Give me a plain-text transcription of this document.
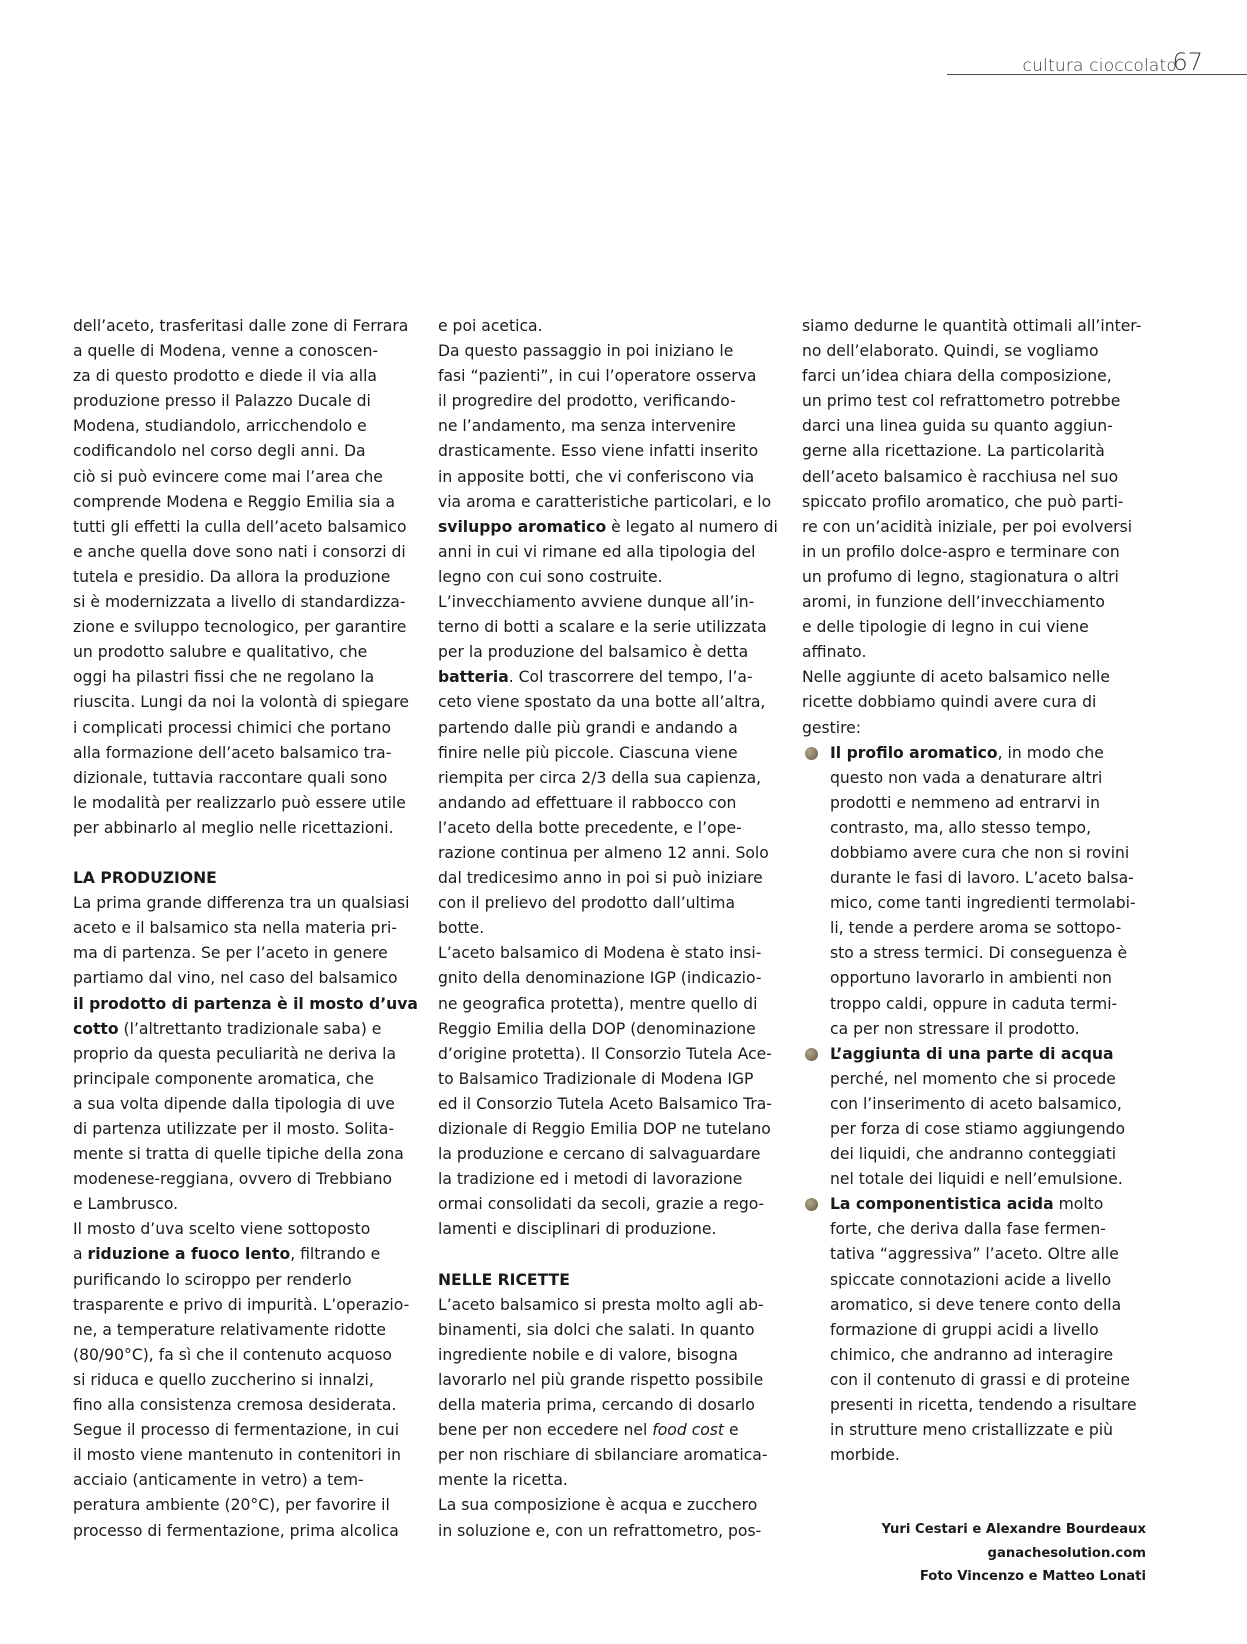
cultura cioccolato
67
dell’aceto, trasferitasi dalle zone di Ferrara
a quelle di Modena, venne a conoscen-
za di questo prodotto e diede il via alla
produzione presso il Palazzo Ducale di
Modena, studiandolo, arricchendolo e
codificandolo nel corso degli anni. Da
ciò si può evincere come mai l’area che
comprende Modena e Reggio Emilia sia a
tutti gli effetti la culla dell’aceto balsamico
e anche quella dove sono nati i consorzi di
tutela e presidio. Da allora la produzione
si è modernizzata a livello di standardizza-
zione e sviluppo tecnologico, per garantire
un prodotto salubre e qualitativo, che
oggi ha pilastri fissi che ne regolano la
riuscita. Lungi da noi la volontà di spiegare
i complicati processi chimici che portano
alla formazione dell’aceto balsamico tra-
dizionale, tuttavia raccontare quali sono
le modalità per realizzarlo può essere utile
per abbinarlo al meglio nelle ricettazioni.
LA PRODUZIONE
La prima grande differenza tra un qualsiasi
aceto e il balsamico sta nella materia pri-
ma di partenza. Se per l’aceto in genere
partiamo dal vino, nel caso del balsamico
il prodotto di partenza è il mosto d’uva
cotto (l’altrettanto tradizionale saba) e
proprio da questa peculiarità ne deriva la
principale componente aromatica, che
a sua volta dipende dalla tipologia di uve
di partenza utilizzate per il mosto. Solita-
mente si tratta di quelle tipiche della zona
modenese-reggiana, ovvero di Trebbiano
e Lambrusco.
Il mosto d’uva scelto viene sottoposto
a riduzione a fuoco lento, filtrando e
purificando lo sciroppo per renderlo
trasparente e privo di impurità. L’operazio-
ne, a temperature relativamente ridotte
(80/90°C), fa sì che il contenuto acquoso
si riduca e quello zuccherino si innalzi,
fino alla consistenza cremosa desiderata.
Segue il processo di fermentazione, in cui
il mosto viene mantenuto in contenitori in
acciaio (anticamente in vetro) a tem-
peratura ambiente (20°C), per favorire il
processo di fermentazione, prima alcolica
e poi acetica.
Da questo passaggio in poi iniziano le
fasi “pazienti”, in cui l’operatore osserva
il progredire del prodotto, verificando-
ne l’andamento, ma senza intervenire
drasticamente. Esso viene infatti inserito
in apposite botti, che vi conferiscono via
via aroma e caratteristiche particolari, e lo
sviluppo aromatico è legato al numero di
anni in cui vi rimane ed alla tipologia del
legno con cui sono costruite.
L’invecchiamento avviene dunque all’in-
terno di botti a scalare e la serie utilizzata
per la produzione del balsamico è detta
batteria. Col trascorrere del tempo, l’a-
ceto viene spostato da una botte all’altra,
partendo dalle più grandi e andando a
finire nelle più piccole. Ciascuna viene
riempita per circa 2/3 della sua capienza,
andando ad effettuare il rabbocco con
l’aceto della botte precedente, e l’ope-
razione continua per almeno 12 anni. Solo
dal tredicesimo anno in poi si può iniziare
con il prelievo del prodotto dall’ultima
botte.
L’aceto balsamico di Modena è stato insi-
gnito della denominazione IGP (indicazio-
ne geografica protetta), mentre quello di
Reggio Emilia della DOP (denominazione
d’origine protetta). Il Consorzio Tutela Ace-
to Balsamico Tradizionale di Modena IGP
ed il Consorzio Tutela Aceto Balsamico Tra-
dizionale di Reggio Emilia DOP ne tutelano
la produzione e cercano di salvaguardare
la tradizione ed i metodi di lavorazione
ormai consolidati da secoli, grazie a rego-
lamenti e disciplinari di produzione.
NELLE RICETTE
L’aceto balsamico si presta molto agli ab-
binamenti, sia dolci che salati. In quanto
ingrediente nobile e di valore, bisogna
lavorarlo nel più grande rispetto possibile
della materia prima, cercando di dosarlo
bene per non eccedere nel food cost e
per non rischiare di sbilanciare aromatica-
mente la ricetta.
La sua composizione è acqua e zucchero
in soluzione e, con un refrattometro, pos-
siamo dedurne le quantità ottimali all’inter-
no dell’elaborato. Quindi, se vogliamo
farci un’idea chiara della composizione,
un primo test col refrattometro potrebbe
darci una linea guida su quanto aggiun-
gerne alla ricettazione. La particolarità
dell’aceto balsamico è racchiusa nel suo
spiccato profilo aromatico, che può parti-
re con un’acidità iniziale, per poi evolversi
in un profilo dolce-aspro e terminare con
un profumo di legno, stagionatura o altri
aromi, in funzione dell’invecchiamento
e delle tipologie di legno in cui viene
affinato.
Nelle aggiunte di aceto balsamico nelle
ricette dobbiamo quindi avere cura di
gestire:
Il profilo aromatico, in modo che
questo non vada a denaturare altri
prodotti e nemmeno ad entrarvi in
contrasto, ma, allo stesso tempo,
dobbiamo avere cura che non si rovini
durante le fasi di lavoro. L’aceto balsa-
mico, come tanti ingredienti termolabi-
li, tende a perdere aroma se sottopo-
sto a stress termici. Di conseguenza è
opportuno lavorarlo in ambienti non
troppo caldi, oppure in caduta termi-
ca per non stressare il prodotto.
L’aggiunta di una parte di acqua
perché, nel momento che si procede
con l’inserimento di aceto balsamico,
per forza di cose stiamo aggiungendo
dei liquidi, che andranno conteggiati
nel totale dei liquidi e nell’emulsione.
La componentistica acida molto
forte, che deriva dalla fase fermen-
tativa “aggressiva” l’aceto. Oltre alle
spiccate connotazioni acide a livello
aromatico, si deve tenere conto della
formazione di gruppi acidi a livello
chimico, che andranno ad interagire
con il contenuto di grassi e di proteine
presenti in ricetta, tendendo a risultare
in strutture meno cristallizzate e più
morbide.
Yuri Cestari e Alexandre Bourdeaux
ganachesolution.com
Foto Vincenzo e Matteo Lonati
